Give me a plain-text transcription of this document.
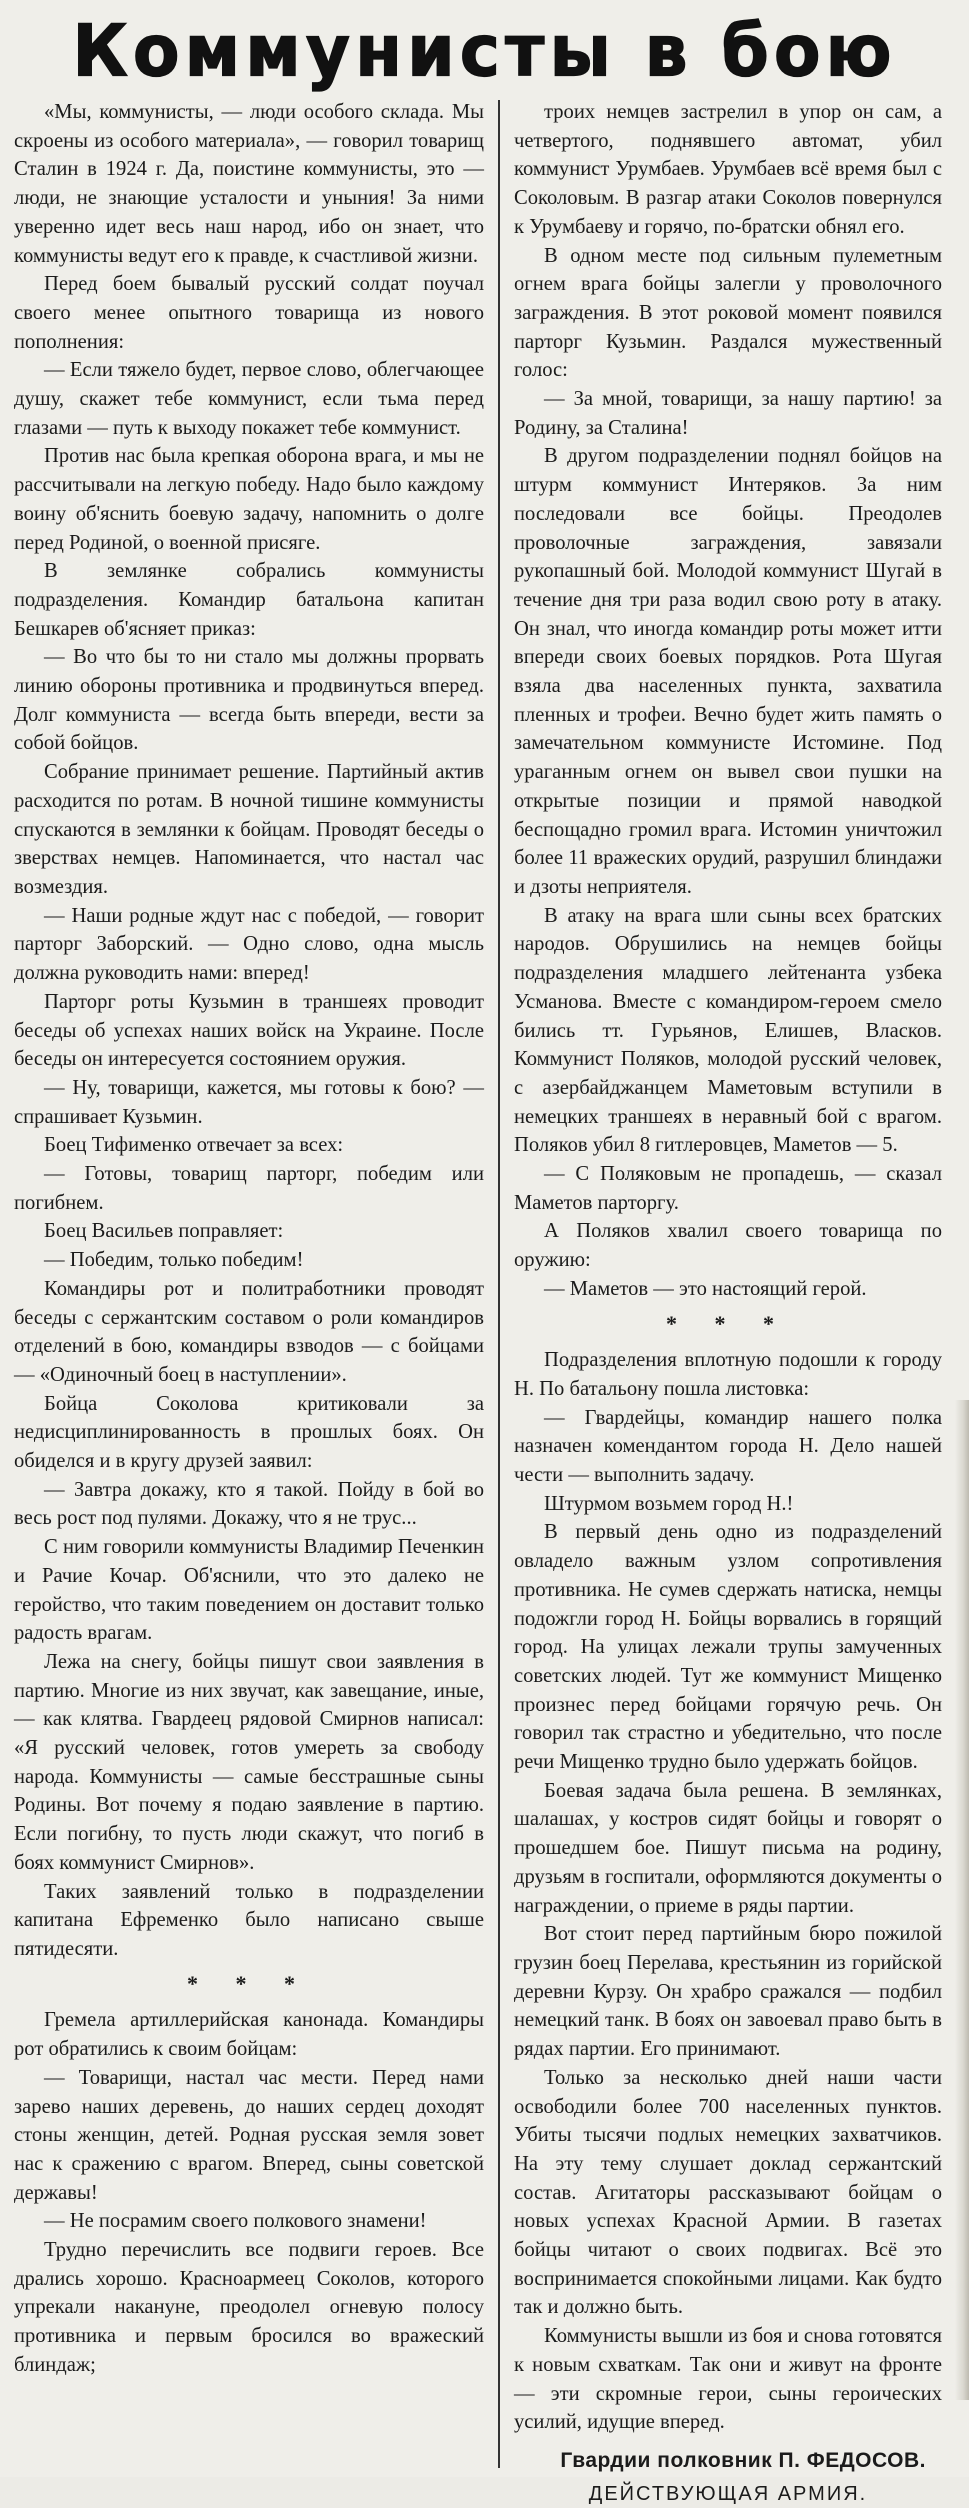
Коммунисты в бою

«Мы, коммунисты, — люди особого склада. Мы скроены из особого материала», — говорил товарищ Сталин в 1924 г. Да, поистине коммунисты, это — люди, не знающие усталости и уныния! За ними уверенно идет весь наш народ, ибо он знает, что коммунисты ведут его к правде, к счастливой жизни.

Перед боем бывалый русский солдат поучал своего менее опытного товарища из нового пополнения:

— Если тяжело будет, первое слово, облегчающее душу, скажет тебе коммунист, если тьма перед глазами — путь к выходу покажет тебе коммунист.

Против нас была крепкая оборона врага, и мы не рассчитывали на легкую победу. Надо было каждому воину об'яснить боевую задачу, напомнить о долге перед Родиной, о военной присяге.

В землянке собрались коммунисты подразделения. Командир батальона капитан Бешкарев об'ясняет приказ:

— Во что бы то ни стало мы должны прорвать линию обороны противника и продвинуться вперед. Долг коммуниста — всегда быть впереди, вести за собой бойцов.

Собрание принимает решение. Партийный актив расходится по ротам. В ночной тишине коммунисты спускаются в землянки к бойцам. Проводят беседы о зверствах немцев. Напоминается, что настал час возмездия.

— Наши родные ждут нас с победой, — говорит парторг Заборский. — Одно слово, одна мысль должна руководить нами: вперед!

Парторг роты Кузьмин в траншеях проводит беседы об успехах наших войск на Украине. После беседы он интересуется состоянием оружия.

— Ну, товарищи, кажется, мы готовы к бою? — спрашивает Кузьмин.

Боец Тифименко отвечает за всех:

— Готовы, товарищ парторг, победим или погибнем.

Боец Васильев поправляет:

— Победим, только победим!

Командиры рот и политработники проводят беседы с сержантским составом о роли командиров отделений в бою, командиры взводов — с бойцами — «Одиночный боец в наступлении».

Бойца Соколова критиковали за недисциплинированность в прошлых боях. Он обиделся и в кругу друзей заявил:

— Завтра докажу, кто я такой. Пойду в бой во весь рост под пулями. Докажу, что я не трус...

С ним говорили коммунисты Владимир Печенкин и Рачие Кочар. Об'яснили, что это далеко не геройство, что таким поведением он доставит только радость врагам.

Лежа на снегу, бойцы пишут свои заявления в партию. Многие из них звучат, как завещание, иные, — как клятва. Гвардеец рядовой Смирнов написал: «Я русский человек, готов умереть за свободу народа. Коммунисты — самые бесстрашные сыны Родины. Вот почему я подаю заявление в партию. Если погибну, то пусть люди скажут, что погиб в боях коммунист Смирнов».

Таких заявлений только в подразделении капитана Ефременко было написано свыше пятидесяти.

* * *

Гремела артиллерийская канонада. Командиры рот обратились к своим бойцам:

— Товарищи, настал час мести. Перед нами зарево наших деревень, до наших сердец доходят стоны женщин, детей. Родная русская земля зовет нас к сражению с врагом. Вперед, сыны советской державы!

— Не посрамим своего полкового знамени!

Трудно перечислить все подвиги героев. Все дрались хорошо. Красноармеец Соколов, которого упрекали накануне, преодолел огневую полосу противника и первым бросился во вражеский блиндаж;

троих немцев застрелил в упор он сам, а четвертого, поднявшего автомат, убил коммунист Урумбаев. Урумбаев всё время был с Соколовым. В разгар атаки Соколов повернулся к Урумбаеву и горячо, по-братски обнял его.

В одном месте под сильным пулеметным огнем врага бойцы залегли у проволочного заграждения. В этот роковой момент появился парторг Кузьмин. Раздался мужественный голос:

— За мной, товарищи, за нашу партию! за Родину, за Сталина!

В другом подразделении поднял бойцов на штурм коммунист Интеряков. За ним последовали все бойцы. Преодолев проволочные заграждения, завязали рукопашный бой. Молодой коммунист Шугай в течение дня три раза водил свою роту в атаку. Он знал, что иногда командир роты может итти впереди своих боевых порядков. Рота Шугая взяла два населенных пункта, захватила пленных и трофеи. Вечно будет жить память о замечательном коммунисте Истомине. Под ураганным огнем он вывел свои пушки на открытые позиции и прямой наводкой беспощадно громил врага. Истомин уничтожил более 11 вражеских орудий, разрушил блиндажи и дзоты неприятеля.

В атаку на врага шли сыны всех братских народов. Обрушились на немцев бойцы подразделения младшего лейтенанта узбека Усманова. Вместе с командиром-героем смело бились тт. Гурьянов, Елишев, Власков. Коммунист Поляков, молодой русский человек, с азербайджанцем Маметовым вступили в немецких траншеях в неравный бой с врагом. Поляков убил 8 гитлеровцев, Маметов — 5.

— С Поляковым не пропадешь, — сказал Маметов парторгу.

А Поляков хвалил своего товарища по оружию:

— Маметов — это настоящий герой.

* * *

Подразделения вплотную подошли к городу Н. По батальону пошла листовка:

— Гвардейцы, командир нашего полка назначен комендантом города Н. Дело нашей чести — выполнить задачу.

Штурмом возьмем город Н.!

В первый день одно из подразделений овладело важным узлом сопротивления противника. Не сумев сдержать натиска, немцы подожгли город Н. Бойцы ворвались в горящий город. На улицах лежали трупы замученных советских людей. Тут же коммунист Мищенко произнес перед бойцами горячую речь. Он говорил так страстно и убедительно, что после речи Мищенко трудно было удержать бойцов.

Боевая задача была решена. В землянках, шалашах, у костров сидят бойцы и говорят о прошедшем бое. Пишут письма на родину, друзьям в госпитали, оформляются документы о награждении, о приеме в ряды партии.

Вот стоит перед партийным бюро пожилой грузин боец Перелава, крестьянин из горийской деревни Курзу. Он храбро сражался — подбил немецкий танк. В боях он завоевал право быть в рядах партии. Его принимают.

Только за несколько дней наши части освободили более 700 населенных пунктов. Убиты тысячи подлых немецких захватчиков. На эту тему слушает доклад сержантский состав. Агитаторы рассказывают бойцам о новых успехах Красной Армии. В газетах бойцы читают о своих подвигах. Всё это воспринимается спокойными лицами. Как будто так и должно быть.

Коммунисты вышли из боя и снова готовятся к новым схваткам. Так они и живут на фронте — эти скромные герои, сыны героических усилий, идущие вперед.

Гвардии полковник П. ФЕДОСОВ.
ДЕЙСТВУЮЩАЯ АРМИЯ.
